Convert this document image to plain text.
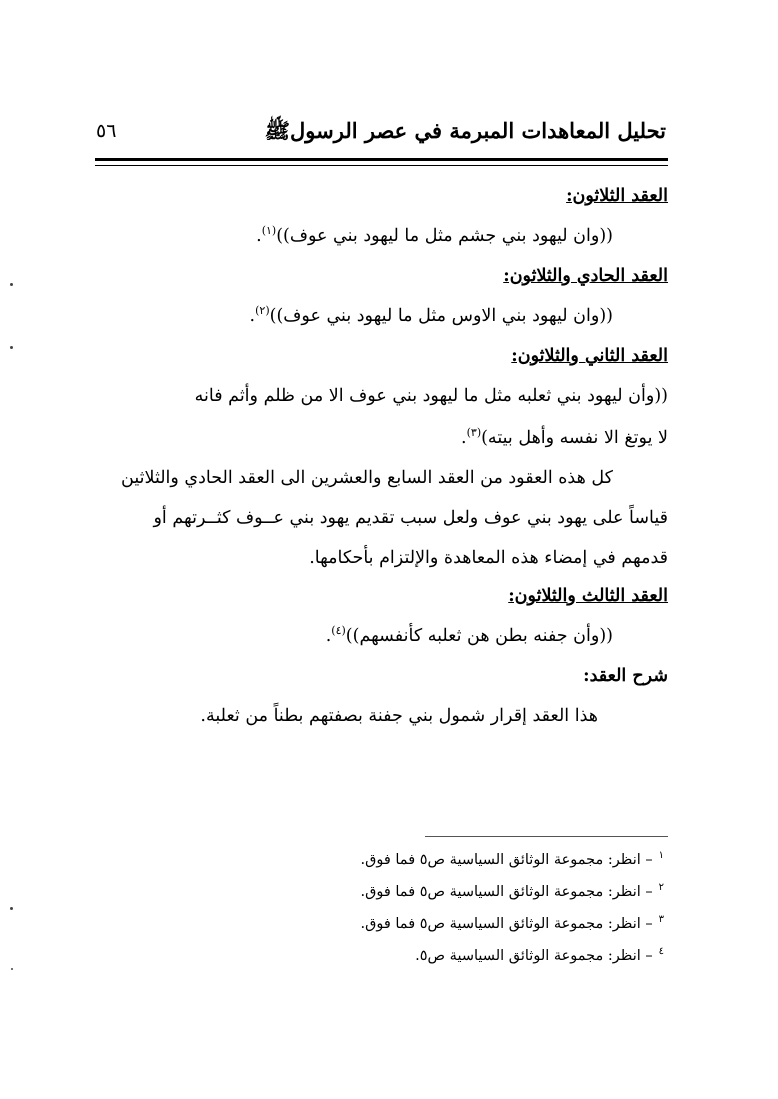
تحليل المعاهدات المبرمة في عصر الرسولﷺ
٥٦
العقد الثلاثون:
((وان ليهود بني جشم مثل ما ليهود بني عوف))$^{(١)}$.
العقد الحادي والثلاثون:
((وان ليهود بني الاوس مثل ما ليهود بني عوف))$^{(٢)}$.
العقد الثاني والثلاثون:
((وأن ليهود بني ثعلبه مثل ما ليهود بني عوف الا من ظلم وأثم فانه
لا يوتغ الا نفسه وأهل بيته)$^{(٣)}$.
كل هذه العقود من العقد السابع والعشرين الى العقد الحادي والثلاثين
قياساً على يهود بني عوف ولعل سبب تقديم يهود بني عــوف كثــرتهم أو
قدمهم في إمضاء هذه المعاهدة والإلتزام بأحكامها.
العقد الثالث والثلاثون:
((وأن جفنه بطن هن ثعلبه كأنفسهم))$^{(٤)}$.
شرح العقد:
هذا العقد إقرار شمول بني جفنة بصفتهم بطناً من ثعلبة.
$^١$– انظر: مجموعة الوثائق السياسية ص٥ فما فوق.
$^٢$– انظر: مجموعة الوثائق السياسية ص٥ فما فوق.
$^٣$– انظر: مجموعة الوثائق السياسية ص٥ فما فوق.
$^٤$– انظر: مجموعة الوثائق السياسية ص٥.
